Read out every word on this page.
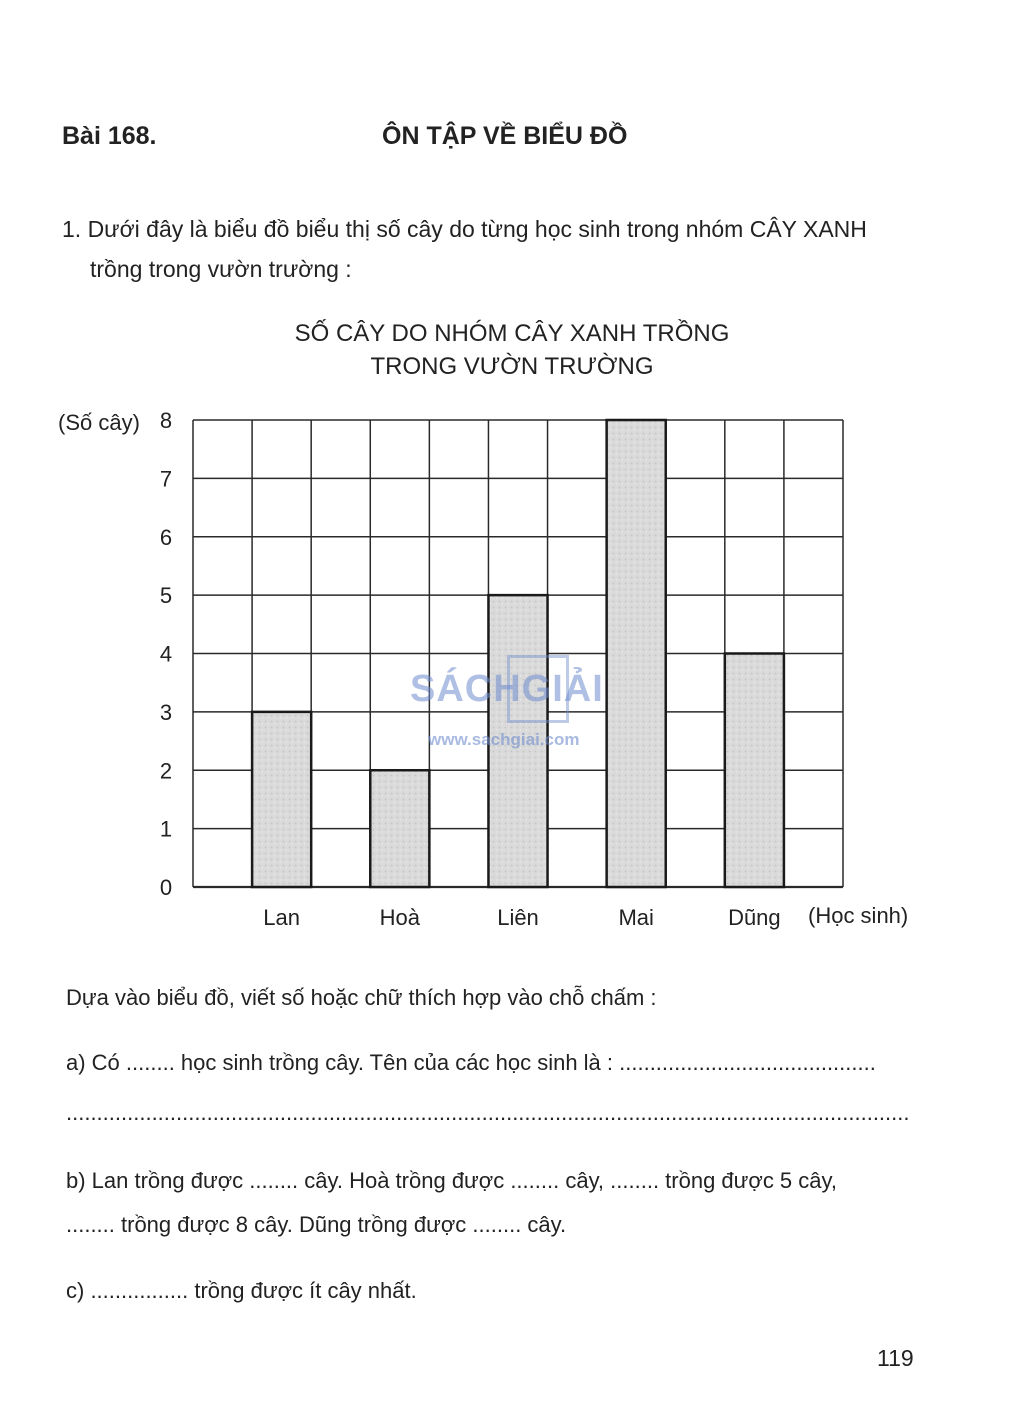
Bài 168.	ÔN TẬP VỀ BIỂU ĐỒ
1. Dưới đây là biểu đồ biểu thị số cây do từng học sinh trong nhóm CÂY XANH
trồng trong vườn trường :
SỐ CÂY DO NHÓM CÂY XANH TRỒNG
TRONG VƯỜN TRƯỜNG
(Số cây)
(Học sinh)
0
1
2
3
4
5
6
7
8
Lan	Hoà	Liên	Mai	Dũng
SÁCHGIẢI
www.sachgiai.com
Dựa vào biểu đồ, viết số hoặc chữ thích hợp vào chỗ chấm :
a) Có ........ học sinh trồng cây. Tên của các học sinh là : ..........................................
..........................................................................................................................................
b) Lan trồng được ........ cây. Hoà trồng được ........ cây, ........ trồng được 5 cây,
........ trồng được 8 cây. Dũng trồng được ........ cây.
c) ................ trồng được ít cây nhất.
119
